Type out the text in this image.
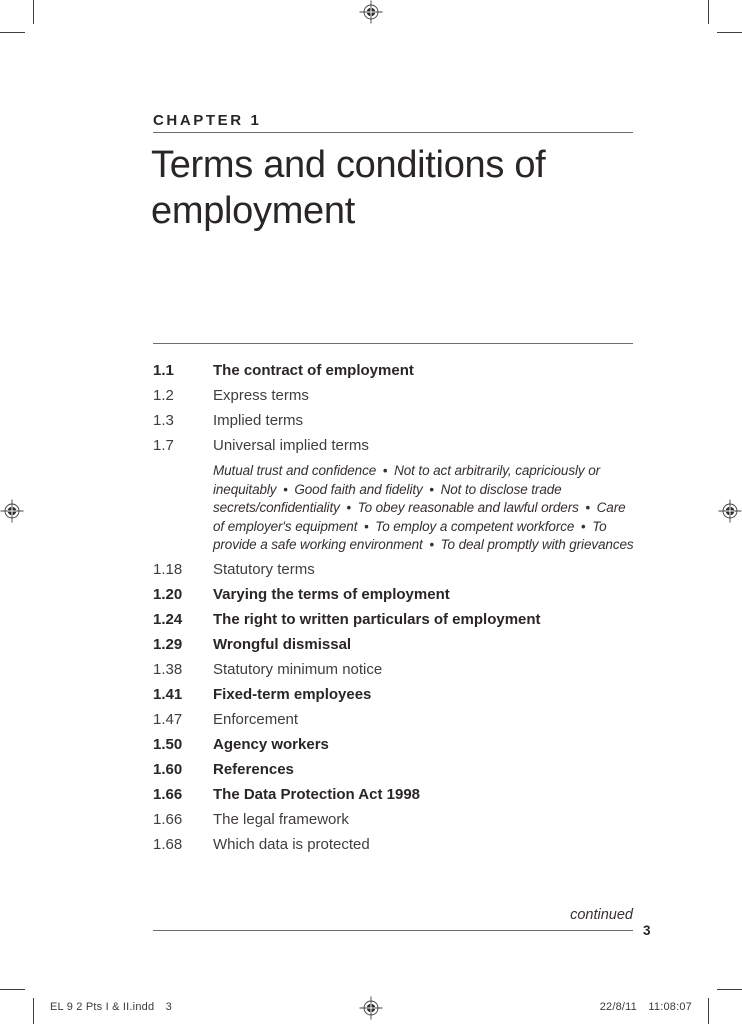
CHAPTER 1
Terms and conditions of
employment
1.1	The contract of employment
1.2	Express terms
1.3	Implied terms
1.7	Universal implied terms
Mutual trust and confidence • Not to act arbitrarily, capriciously or inequitably • Good faith and fidelity • Not to disclose trade secrets/confidentiality • To obey reasonable and lawful orders • Care of employer's equipment • To employ a competent workforce • To provide a safe working environment • To deal promptly with grievances
1.18	Statutory terms
1.20	Varying the terms of employment
1.24	The right to written particulars of employment
1.29	Wrongful dismissal
1.38	Statutory minimum notice
1.41	Fixed-term employees
1.47	Enforcement
1.50	Agency workers
1.60	References
1.66	The Data Protection Act 1998
1.66	The legal framework
1.68	Which data is protected
continued
3
EL 9 2 Pts I & II.indd  3	22/8/11  11:08:07
